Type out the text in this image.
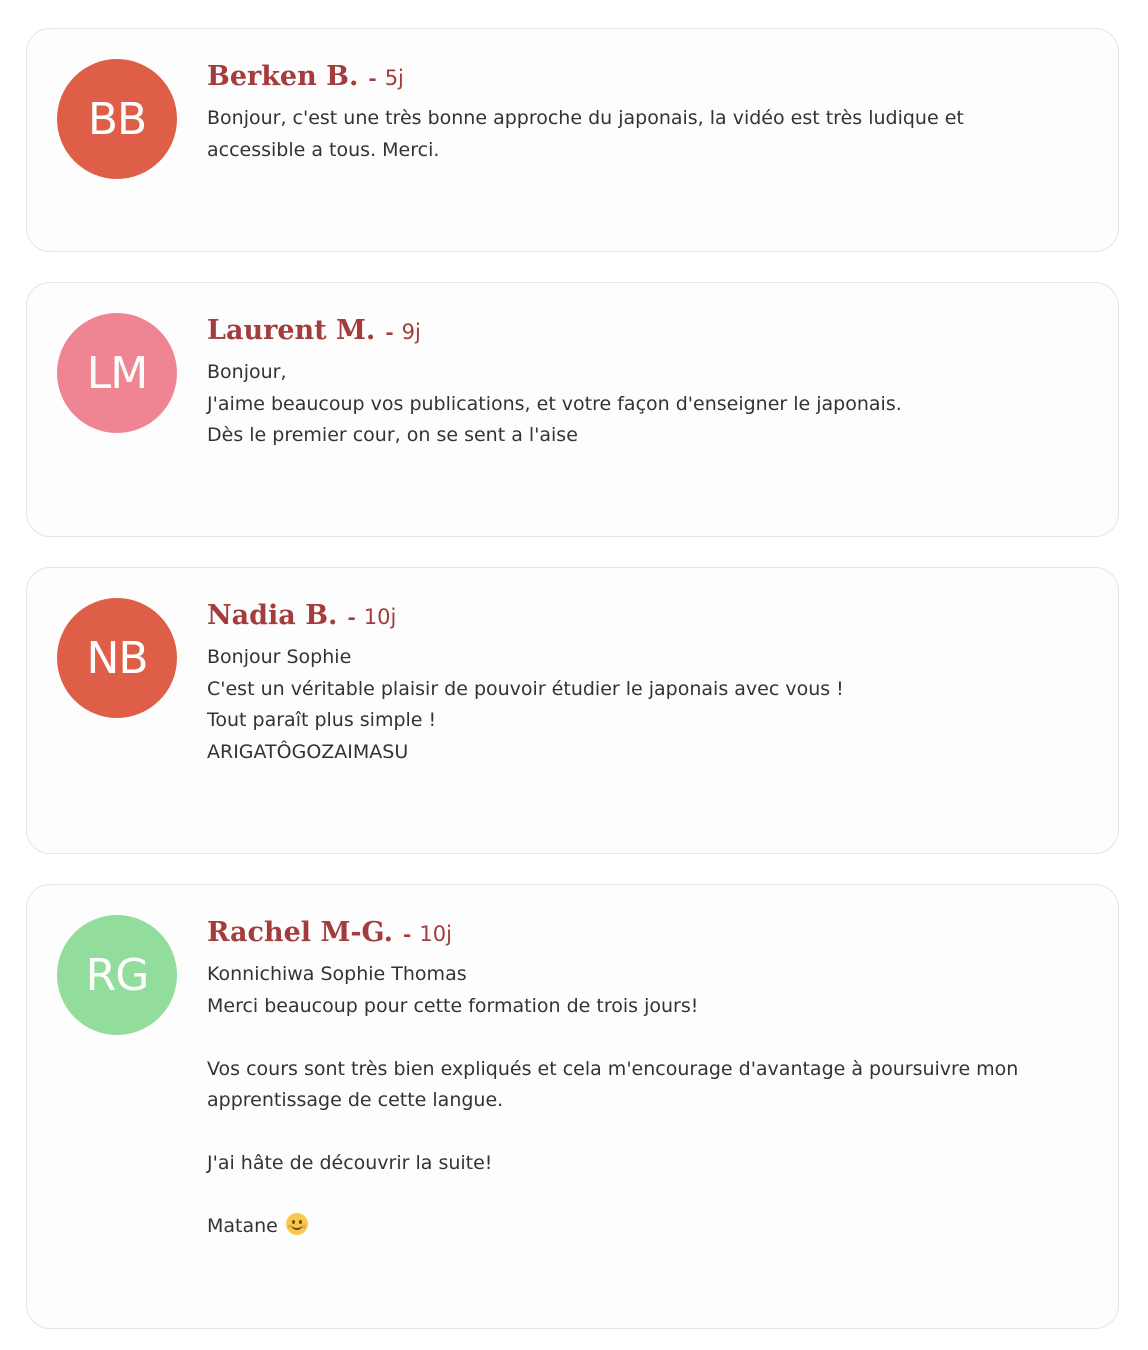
BB
Berken B. - 5j
Bonjour, c'est une très bonne approche du japonais, la vidéo est très ludique et
accessible a tous. Merci.
LM
Laurent M. - 9j
Bonjour,
J'aime beaucoup vos publications, et votre façon d'enseigner le japonais.
Dès le premier cour, on se sent a l'aise
NB
Nadia B. - 10j
Bonjour Sophie
C'est un véritable plaisir de pouvoir étudier le japonais avec vous !
Tout paraît plus simple !
ARIGATÔGOZAIMASU
RG
Rachel M-G. - 10j
Konnichiwa Sophie Thomas
Merci beaucoup pour cette formation de trois jours!
Vos cours sont très bien expliqués et cela m'encourage d'avantage à poursuivre mon
apprentissage de cette langue.
J'ai hâte de découvrir la suite!
Matane
